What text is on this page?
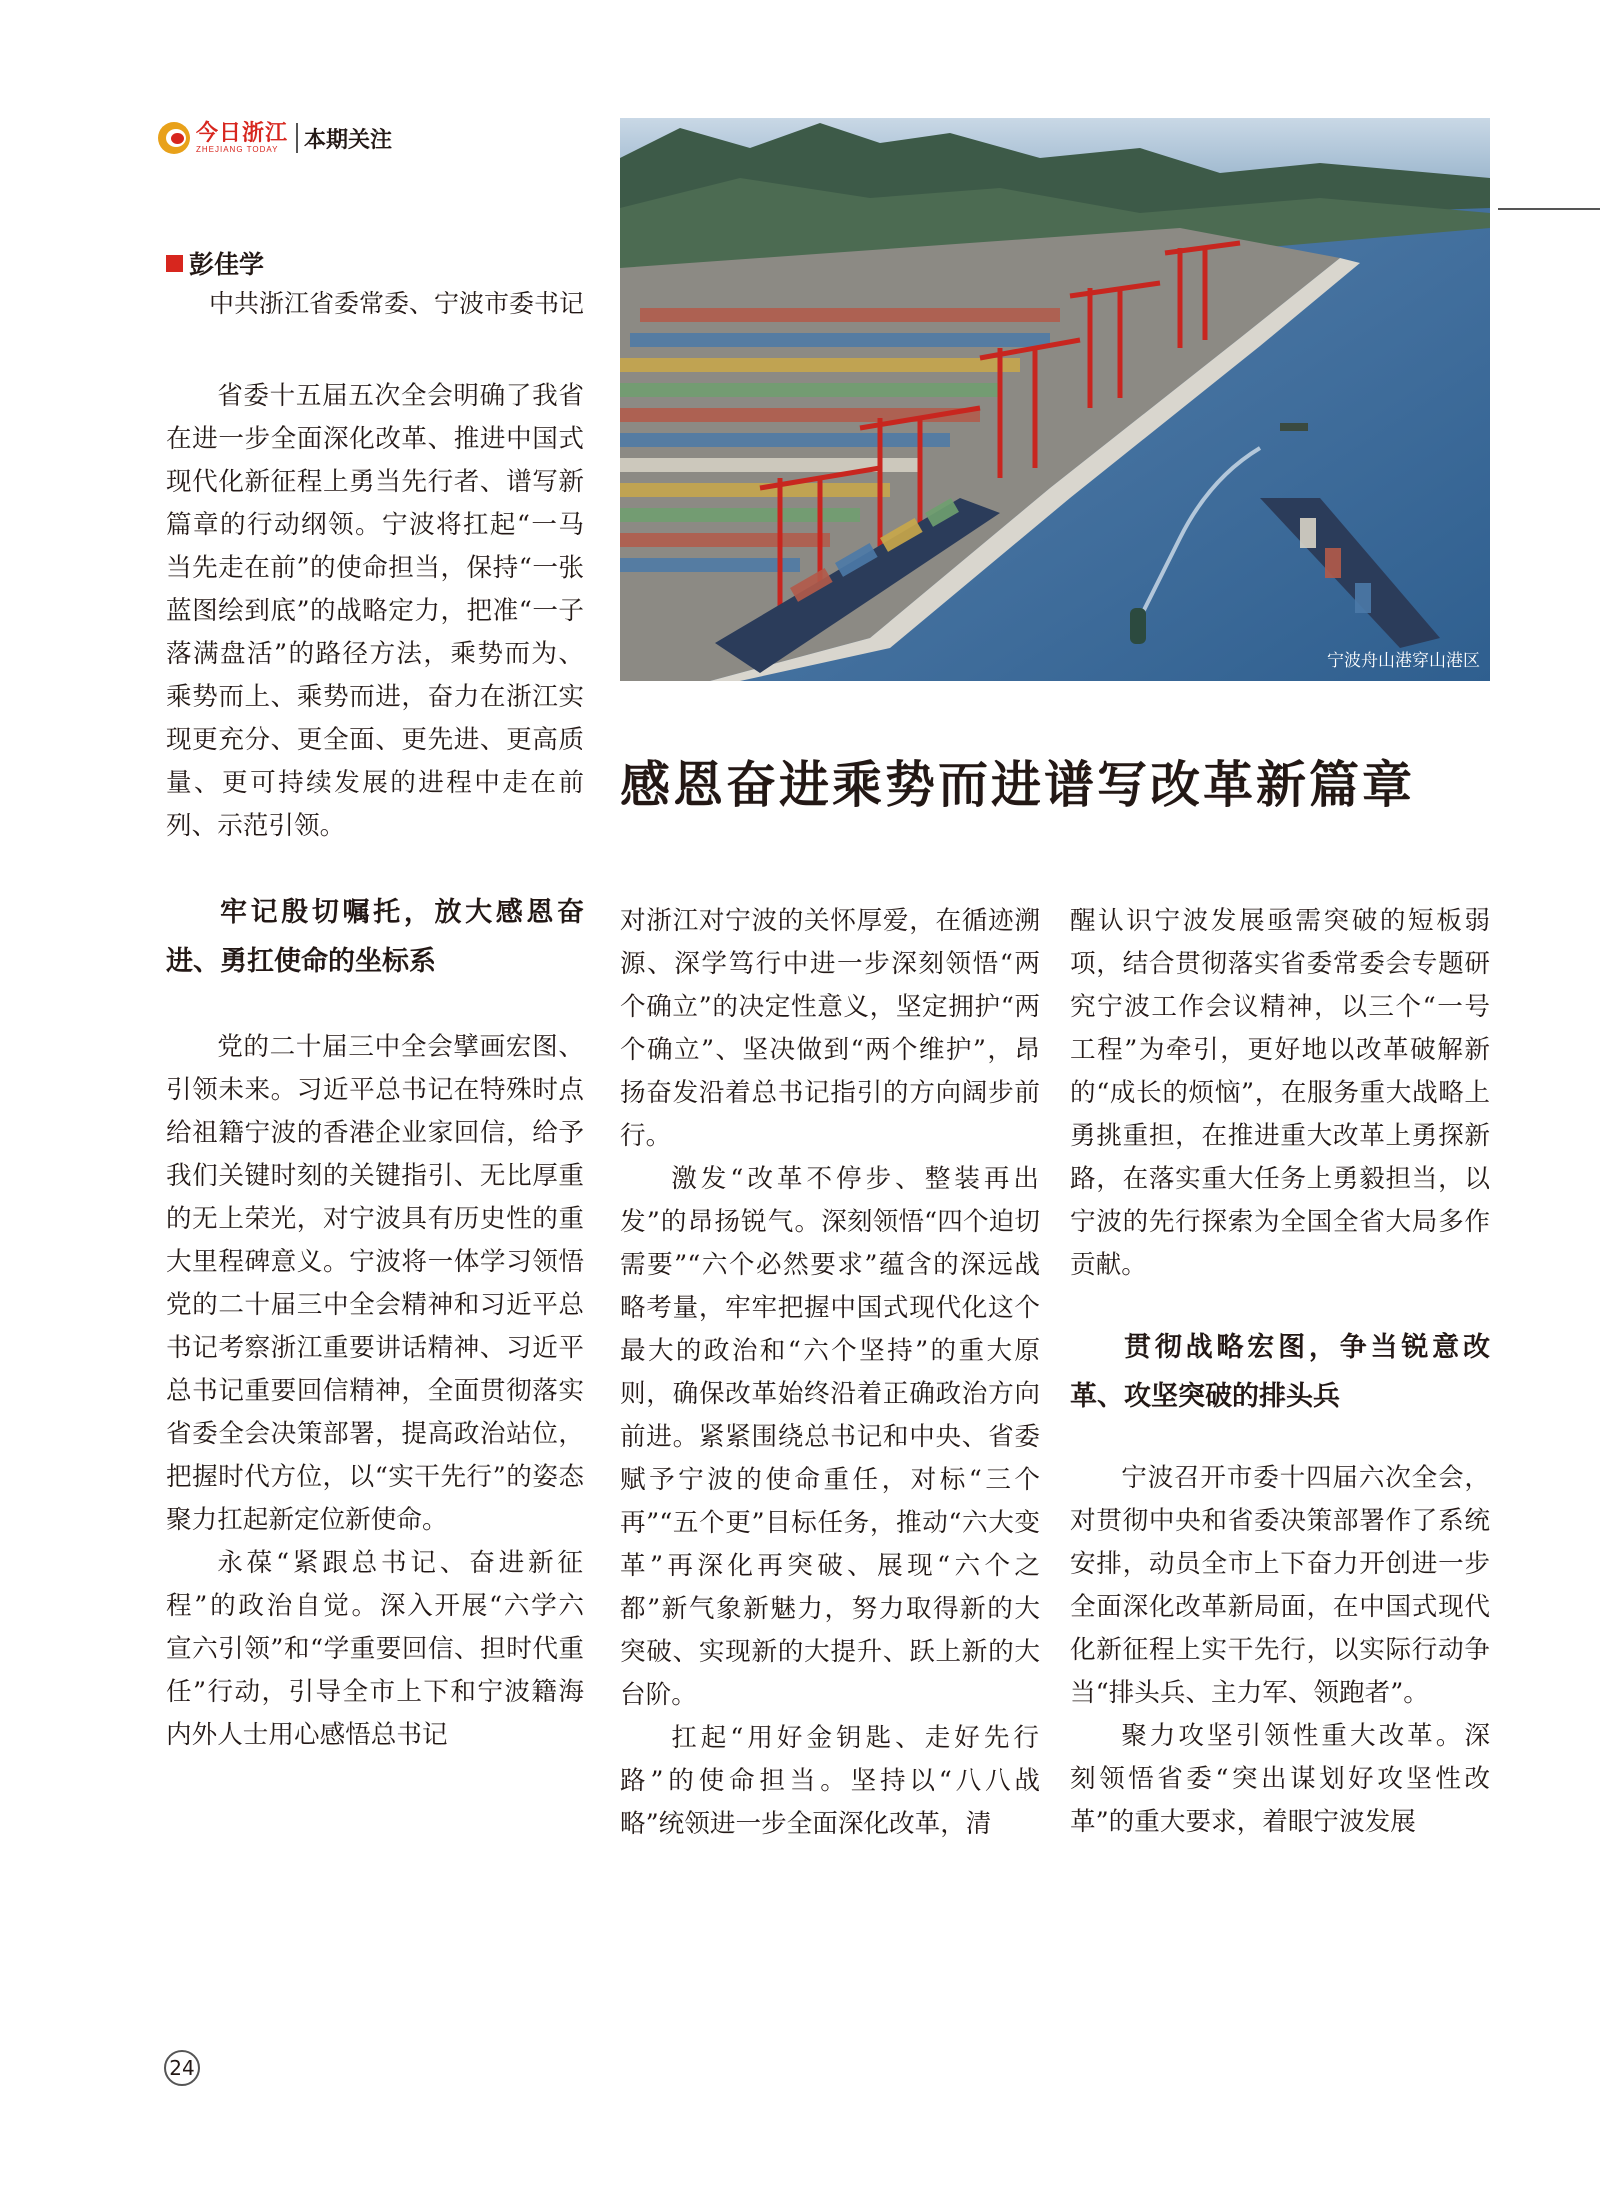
今日浙江
ZHEJIANG TODAY	本期关注
宁波舟山港穿山港区
感恩奋进乘势而进谱写改革新篇章
彭佳学
中共浙江省委常委、宁波市委书记

省委十五届五次全会明确了我省在进一步全面深化改革、推进中国式现代化新征程上勇当先行者、谱写新篇章的行动纲领。宁波将扛起“一马当先走在前”的使命担当，保持“一张蓝图绘到底”的战略定力，把准“一子落满盘活”的路径方法，乘势而为、乘势而上、乘势而进，奋力在浙江实现更充分、更全面、更先进、更高质量、更可持续发展的进程中走在前列、示范引领。

牢记殷切嘱托，放大感恩奋进、勇扛使命的坐标系

党的二十届三中全会擘画宏图、引领未来。习近平总书记在特殊时点给祖籍宁波的香港企业家回信，给予我们关键时刻的关键指引、无比厚重的无上荣光，对宁波具有历史性的重大里程碑意义。宁波将一体学习领悟党的二十届三中全会精神和习近平总书记考察浙江重要讲话精神、习近平总书记重要回信精神，全面贯彻落实省委全会决策部署，提高政治站位，把握时代方位，以“实干先行”的姿态聚力扛起新定位新使命。

永葆“紧跟总书记、奋进新征程”的政治自觉。深入开展“六学六宣六引领”和“学重要回信、担时代重任”行动，引导全市上下和宁波籍海内外人士用心感悟总书记

对浙江对宁波的关怀厚爱，在循迹溯源、深学笃行中进一步深刻领悟“两个确立”的决定性意义，坚定拥护“两个确立”、坚决做到“两个维护”，昂扬奋发沿着总书记指引的方向阔步前行。

激发“改革不停步、整装再出发”的昂扬锐气。深刻领悟“四个迫切需要”“六个必然要求”蕴含的深远战略考量，牢牢把握中国式现代化这个最大的政治和“六个坚持”的重大原则，确保改革始终沿着正确政治方向前进。紧紧围绕总书记和中央、省委赋予宁波的使命重任，对标“三个再”“五个更”目标任务，推动“六大变革”再深化再突破、展现“六个之都”新气象新魅力，努力取得新的大突破、实现新的大提升、跃上新的大台阶。

扛起“用好金钥匙、走好先行路”的使命担当。坚持以“八八战略”统领进一步全面深化改革，清

醒认识宁波发展亟需突破的短板弱项，结合贯彻落实省委常委会专题研究宁波工作会议精神，以三个“一号工程”为牵引，更好地以改革破解新的“成长的烦恼”，在服务重大战略上勇挑重担，在推进重大改革上勇探新路，在落实重大任务上勇毅担当，以宁波的先行探索为全国全省大局多作贡献。

贯彻战略宏图，争当锐意改革、攻坚突破的排头兵

宁波召开市委十四届六次全会，对贯彻中央和省委决策部署作了系统安排，动员全市上下奋力开创进一步全面深化改革新局面，在中国式现代化新征程上实干先行，以实际行动争当“排头兵、主力军、领跑者”。

聚力攻坚引领性重大改革。深刻领悟省委“突出谋划好攻坚性改革”的重大要求，着眼宁波发展

24
